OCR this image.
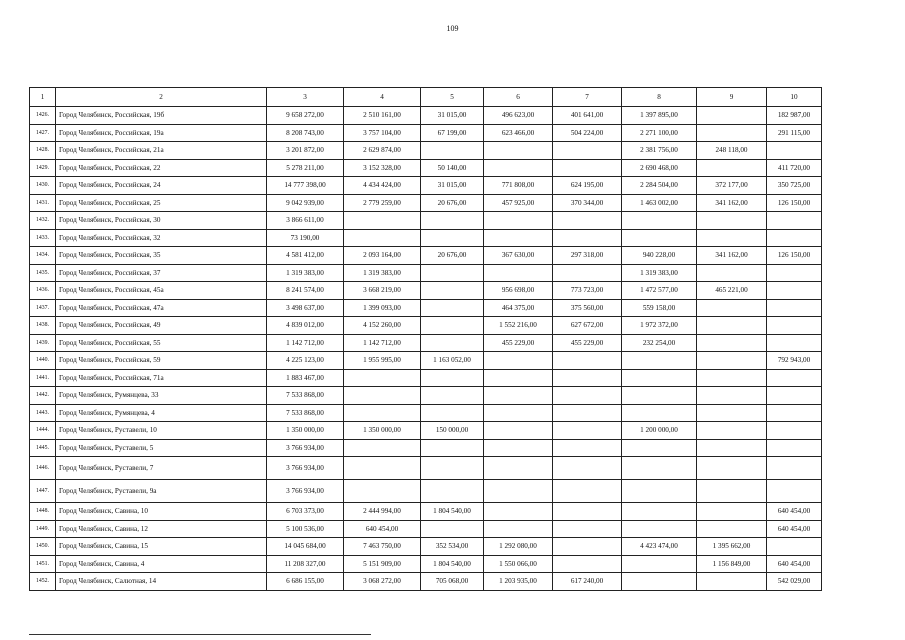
109
1	2	3	4	5	6	7	8	9	10
1426.	Город Челябинск, Российская, 19б	9 658 272,00	2 510 161,00	31 015,00	496 623,00	401 641,00	1 397 895,00		182 987,00
1427.	Город Челябинск, Российская, 19а	8 208 743,00	3 757 104,00	67 199,00	623 466,00	504 224,00	2 271 100,00		291 115,00
1428.	Город Челябинск, Российская, 21а	3 201 872,00	2 629 874,00				2 381 756,00	248 118,00	
1429.	Город Челябинск, Российская, 22	5 278 211,00	3 152 328,00	50 140,00			2 690 468,00		411 720,00
1430.	Город Челябинск, Российская, 24	14 777 398,00	4 434 424,00	31 015,00	771 808,00	624 195,00	2 284 504,00	372 177,00	350 725,00
1431.	Город Челябинск, Российская, 25	9 042 939,00	2 779 259,00	20 676,00	457 925,00	370 344,00	1 463 002,00	341 162,00	126 150,00
1432.	Город Челябинск, Российская, 30	3 866 611,00							
1433.	Город Челябинск, Российская, 32	73 190,00							
1434.	Город Челябинск, Российская, 35	4 581 412,00	2 093 164,00	20 676,00	367 630,00	297 318,00	940 228,00	341 162,00	126 150,00
1435.	Город Челябинск, Российская, 37	1 319 383,00	1 319 383,00				1 319 383,00		
1436.	Город Челябинск, Российская, 45а	8 241 574,00	3 668 219,00		956 698,00	773 723,00	1 472 577,00	465 221,00	
1437.	Город Челябинск, Российская, 47а	3 498 637,00	1 399 093,00		464 375,00	375 560,00	559 158,00		
1438.	Город Челябинск, Российская, 49	4 839 012,00	4 152 260,00		1 552 216,00	627 672,00	1 972 372,00		
1439.	Город Челябинск, Российская, 55	1 142 712,00	1 142 712,00		455 229,00	455 229,00	232 254,00		
1440.	Город Челябинск, Российская, 59	4 225 123,00	1 955 995,00	1 163 052,00					792 943,00
1441.	Город Челябинск, Российская, 71а	1 883 467,00							
1442.	Город Челябинск, Румянцева, 33	7 533 868,00							
1443.	Город Челябинск, Румянцева, 4	7 533 868,00							
1444.	Город Челябинск, Руставели, 10	1 350 000,00	1 350 000,00	150 000,00			1 200 000,00		
1445.	Город Челябинск, Руставели, 5	3 766 934,00							
1446.	Город Челябинск, Руставели, 7	3 766 934,00							
1447.	Город Челябинск, Руставели, 9а	3 766 934,00							
1448.	Город Челябинск, Савина, 10	6 703 373,00	2 444 994,00	1 804 540,00					640 454,00
1449.	Город Челябинск, Савина, 12	5 100 536,00	640 454,00						640 454,00
1450.	Город Челябинск, Савина, 15	14 045 684,00	7 463 750,00	352 534,00	1 292 080,00		4 423 474,00	1 395 662,00	
1451.	Город Челябинск, Савина, 4	11 208 327,00	5 151 909,00	1 804 540,00	1 550 066,00			1 156 849,00	640 454,00
1452.	Город Челябинск, Салютная, 14	6 686 155,00	3 068 272,00	705 068,00	1 203 935,00	617 240,00			542 029,00
